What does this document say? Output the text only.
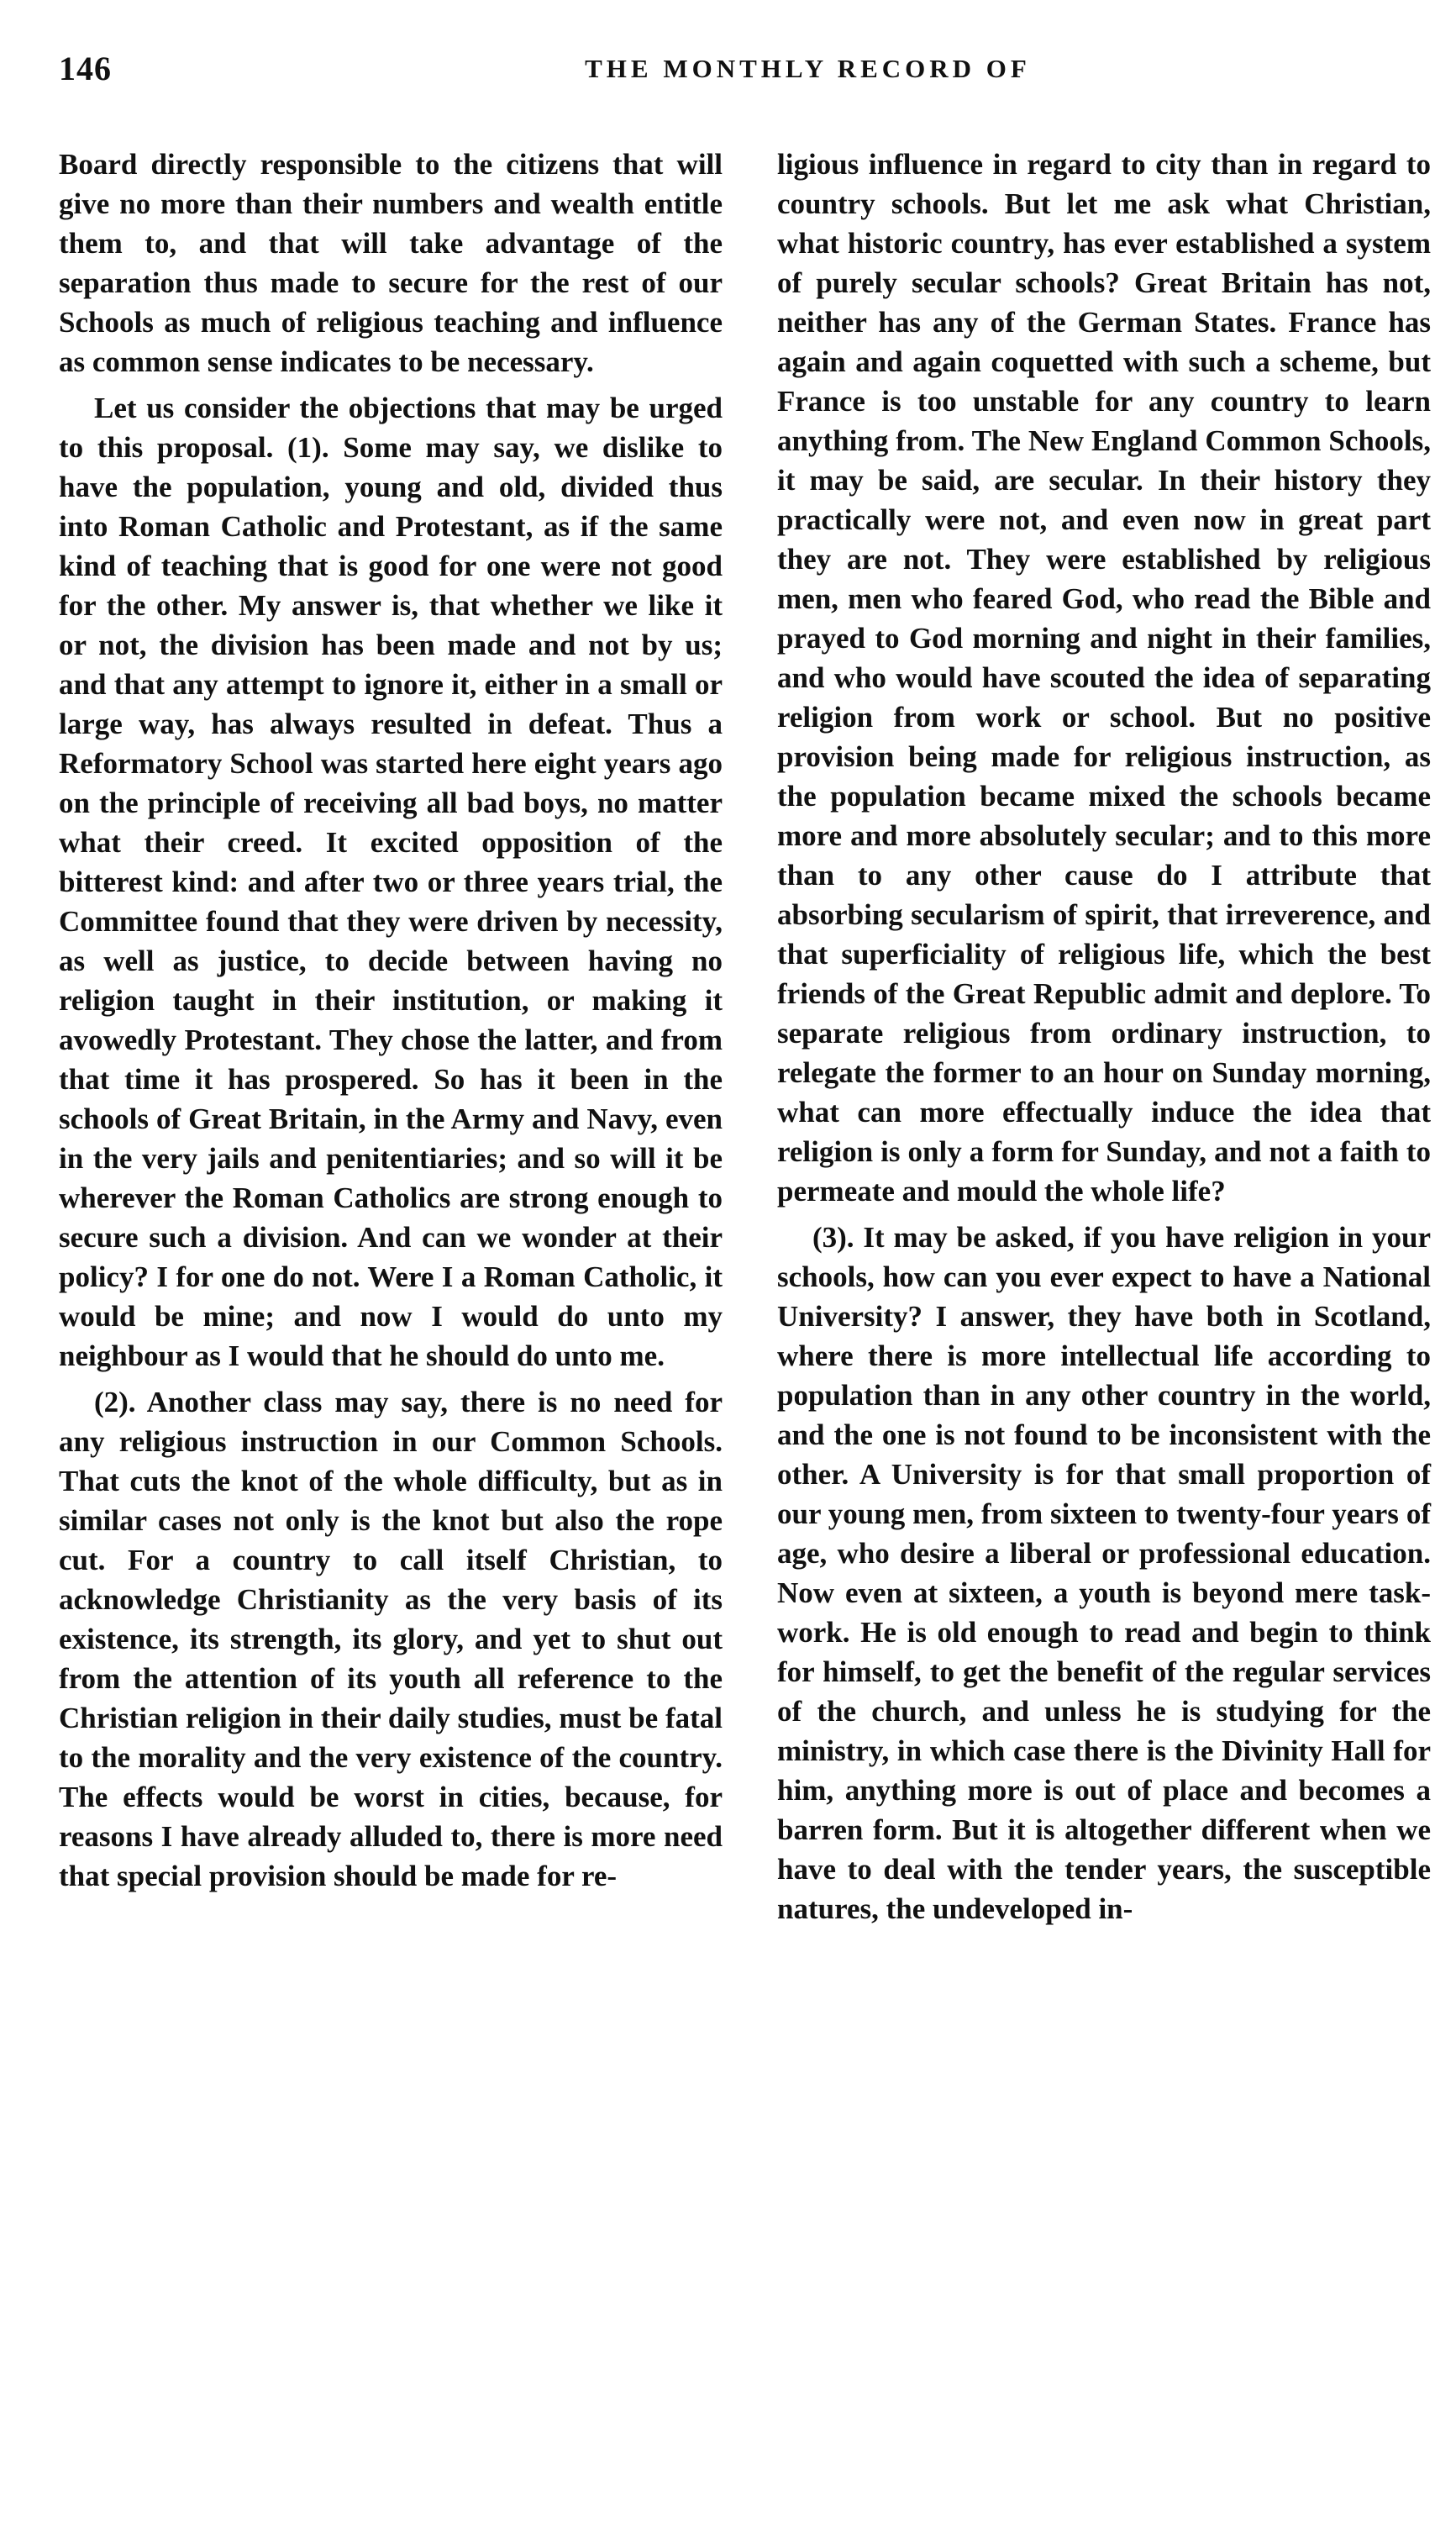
146	THE MONTHLY RECORD OF

Board directly responsible to the citizens that will give no more than their numbers and wealth entitle them to, and that will take advantage of the separation thus made to secure for the rest of our Schools as much of religious teaching and influence as common sense indicates to be necessary.

Let us consider the objections that may be urged to this proposal. (1). Some may say, we dislike to have the population, young and old, divided thus into Roman Catholic and Protestant, as if the same kind of teaching that is good for one were not good for the other. My answer is, that whether we like it or not, the division has been made and not by us; and that any attempt to ignore it, either in a small or large way, has always resulted in defeat. Thus a Reformatory School was started here eight years ago on the principle of receiving all bad boys, no matter what their creed. It excited opposition of the bitterest kind: and after two or three years trial, the Committee found that they were driven by necessity, as well as justice, to decide between having no religion taught in their institution, or making it avowedly Protestant. They chose the latter, and from that time it has prospered. So has it been in the schools of Great Britain, in the Army and Navy, even in the very jails and penitentiaries; and so will it be wherever the Roman Catholics are strong enough to secure such a division. And can we wonder at their policy? I for one do not. Were I a Roman Catholic, it would be mine; and now I would do unto my neighbour as I would that he should do unto me.

(2). Another class may say, there is no need for any religious instruction in our Common Schools. That cuts the knot of the whole difficulty, but as in similar cases not only is the knot but also the rope cut. For a country to call itself Christian, to acknowledge Christianity as the very basis of its existence, its strength, its glory, and yet to shut out from the attention of its youth all reference to the Christian religion in their daily studies, must be fatal to the morality and the very existence of the country. The effects would be worst in cities, because, for reasons I have already alluded to, there is more need that special provision should be made for re-

ligious influence in regard to city than in regard to country schools. But let me ask what Christian, what historic country, has ever established a system of purely secular schools? Great Britain has not, neither has any of the German States. France has again and again coquetted with such a scheme, but France is too unstable for any country to learn anything from. The New England Common Schools, it may be said, are secular. In their history they practically were not, and even now in great part they are not. They were established by religious men, men who feared God, who read the Bible and prayed to God morning and night in their families, and who would have scouted the idea of separating religion from work or school. But no positive provision being made for religious instruction, as the population became mixed the schools became more and more absolutely secular; and to this more than to any other cause do I attribute that absorbing secularism of spirit, that irreverence, and that superficiality of religious life, which the best friends of the Great Republic admit and deplore. To separate religious from ordinary instruction, to relegate the former to an hour on Sunday morning, what can more effectually induce the idea that religion is only a form for Sunday, and not a faith to permeate and mould the whole life?

(3). It may be asked, if you have religion in your schools, how can you ever expect to have a National University? I answer, they have both in Scotland, where there is more intellectual life according to population than in any other country in the world, and the one is not found to be inconsistent with the other. A University is for that small proportion of our young men, from sixteen to twenty-four years of age, who desire a liberal or professional education. Now even at sixteen, a youth is beyond mere task-work. He is old enough to read and begin to think for himself, to get the benefit of the regular services of the church, and unless he is studying for the ministry, in which case there is the Divinity Hall for him, anything more is out of place and becomes a barren form. But it is altogether different when we have to deal with the tender years, the susceptible natures, the undeveloped in-
